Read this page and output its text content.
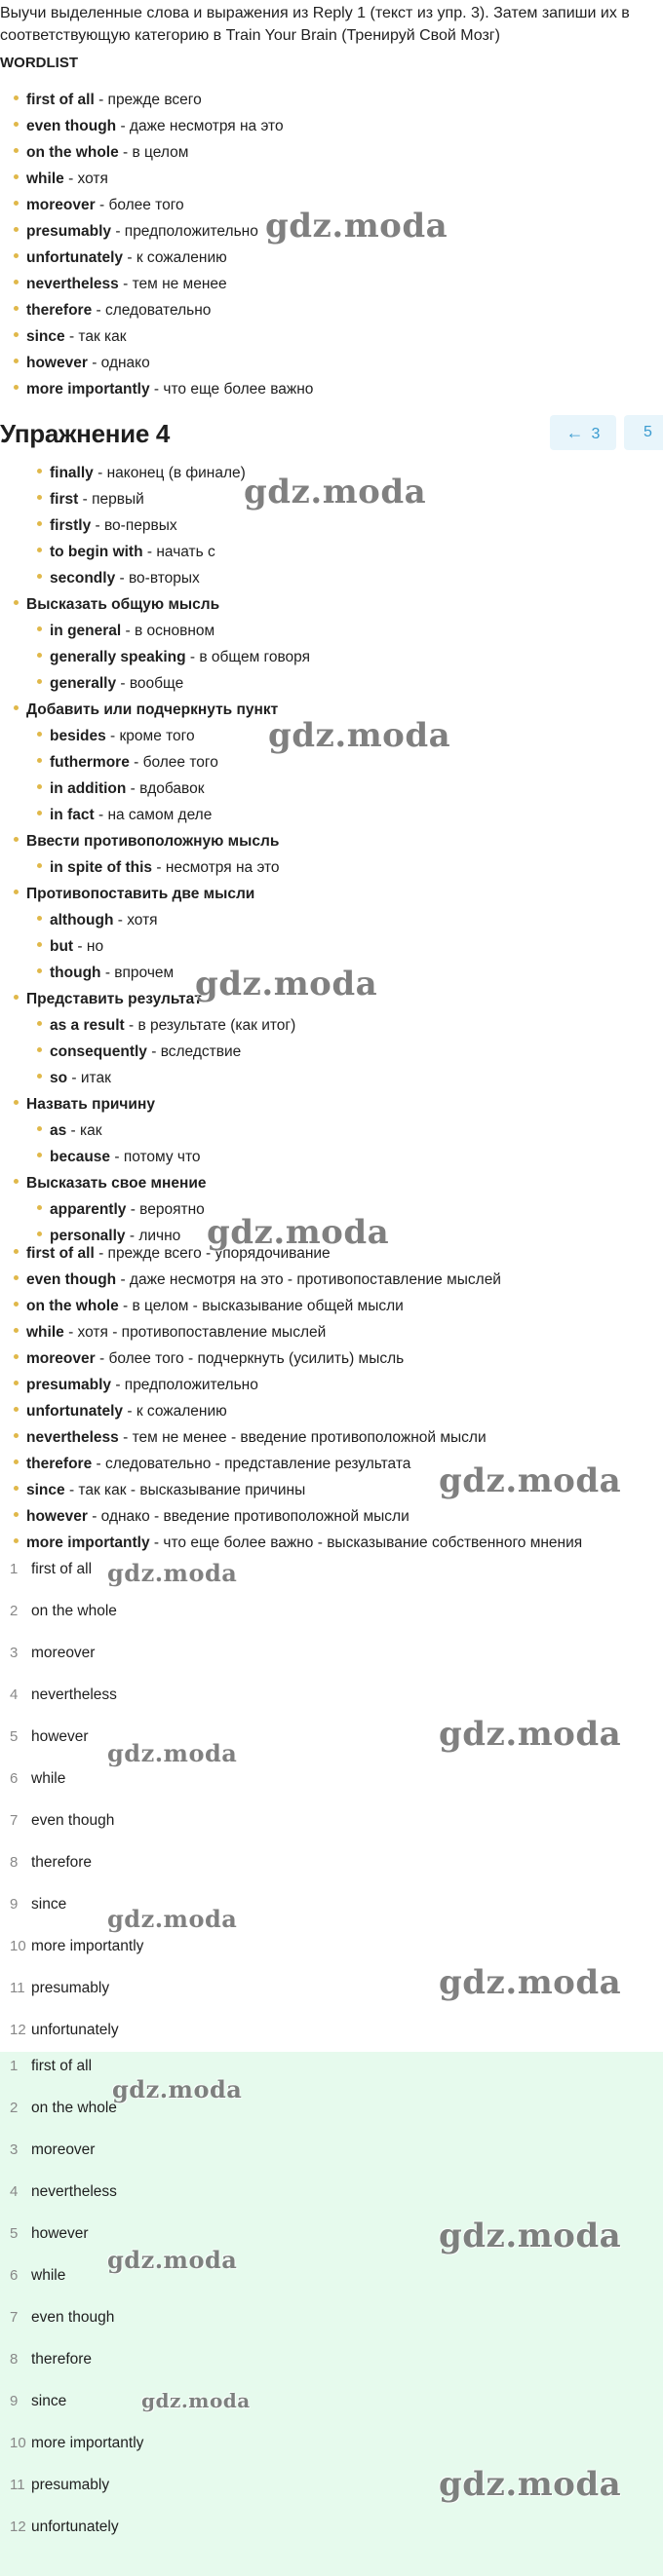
Выучи выделенные слова и выражения из Reply 1 (текст из упр. 3). Затем запиши их в соответствующую категорию в Train Your Brain (Тренируй Свой Мозг)
WORDLIST
first of all - прежде всего
even though - даже несмотря на это
on the whole - в целом
while - хотя
moreover - более того
presumably - предположительно
unfortunately - к сожалению
nevertheless - тем не менее
therefore - следовательно
since - так как
however - однако
more importantly - что еще более важно
Упражнение 4	← 3	5
finally - наконец (в финале)
first - первый
firstly - во-первых
to begin with - начать с
secondly - во-вторых
Высказать общую мысль
in general - в основном
generally speaking - в общем говоря
generally - вообще
Добавить или подчеркнуть пункт
besides - кроме того
futhermore - более того
in addition - вдобавок
in fact - на самом деле
Ввести противоположную мысль
in spite of this - несмотря на это
Противопоставить две мысли
although - хотя
but - но
though - впрочем
Представить результат
as a result - в результате (как итог)
consequently - вследствие
so - итак
Назвать причину
as - как
because - потому что
Высказать свое мнение
apparently - вероятно
personally - лично
first of all - прежде всего - упорядочивание
even though - даже несмотря на это - противопоставление мыслей
on the whole - в целом - высказывание общей мысли
while - хотя - противопоставление мыслей
moreover - более того - подчеркнуть (усилить) мысль
presumably - предположительно
unfortunately - к сожалению
nevertheless - тем не менее - введение противоположной мысли
therefore - следовательно - представление результата
since - так как - высказывание причины
however - однако - введение противоположной мысли
more importantly - что еще более важно - высказывание собственного мнения
1 first of all
2 on the whole
3 moreover
4 nevertheless
5 however
6 while
7 even though
8 therefore
9 since
10 more importantly
11 presumably
12 unfortunately
1 first of all
2 on the whole
3 moreover
4 nevertheless
5 however
6 while
7 even though
8 therefore
9 since
10 more importantly
11 presumably
12 unfortunately
gdz.moda
gdz.moda
gdz.moda
gdz.moda
gdz.moda
gdz.moda
gdz.moda
gdz.moda
gdz.moda
gdz.moda
gdz.moda
gdz.moda
gdz.moda
gdz.moda
gdz.moda
gdz.moda
